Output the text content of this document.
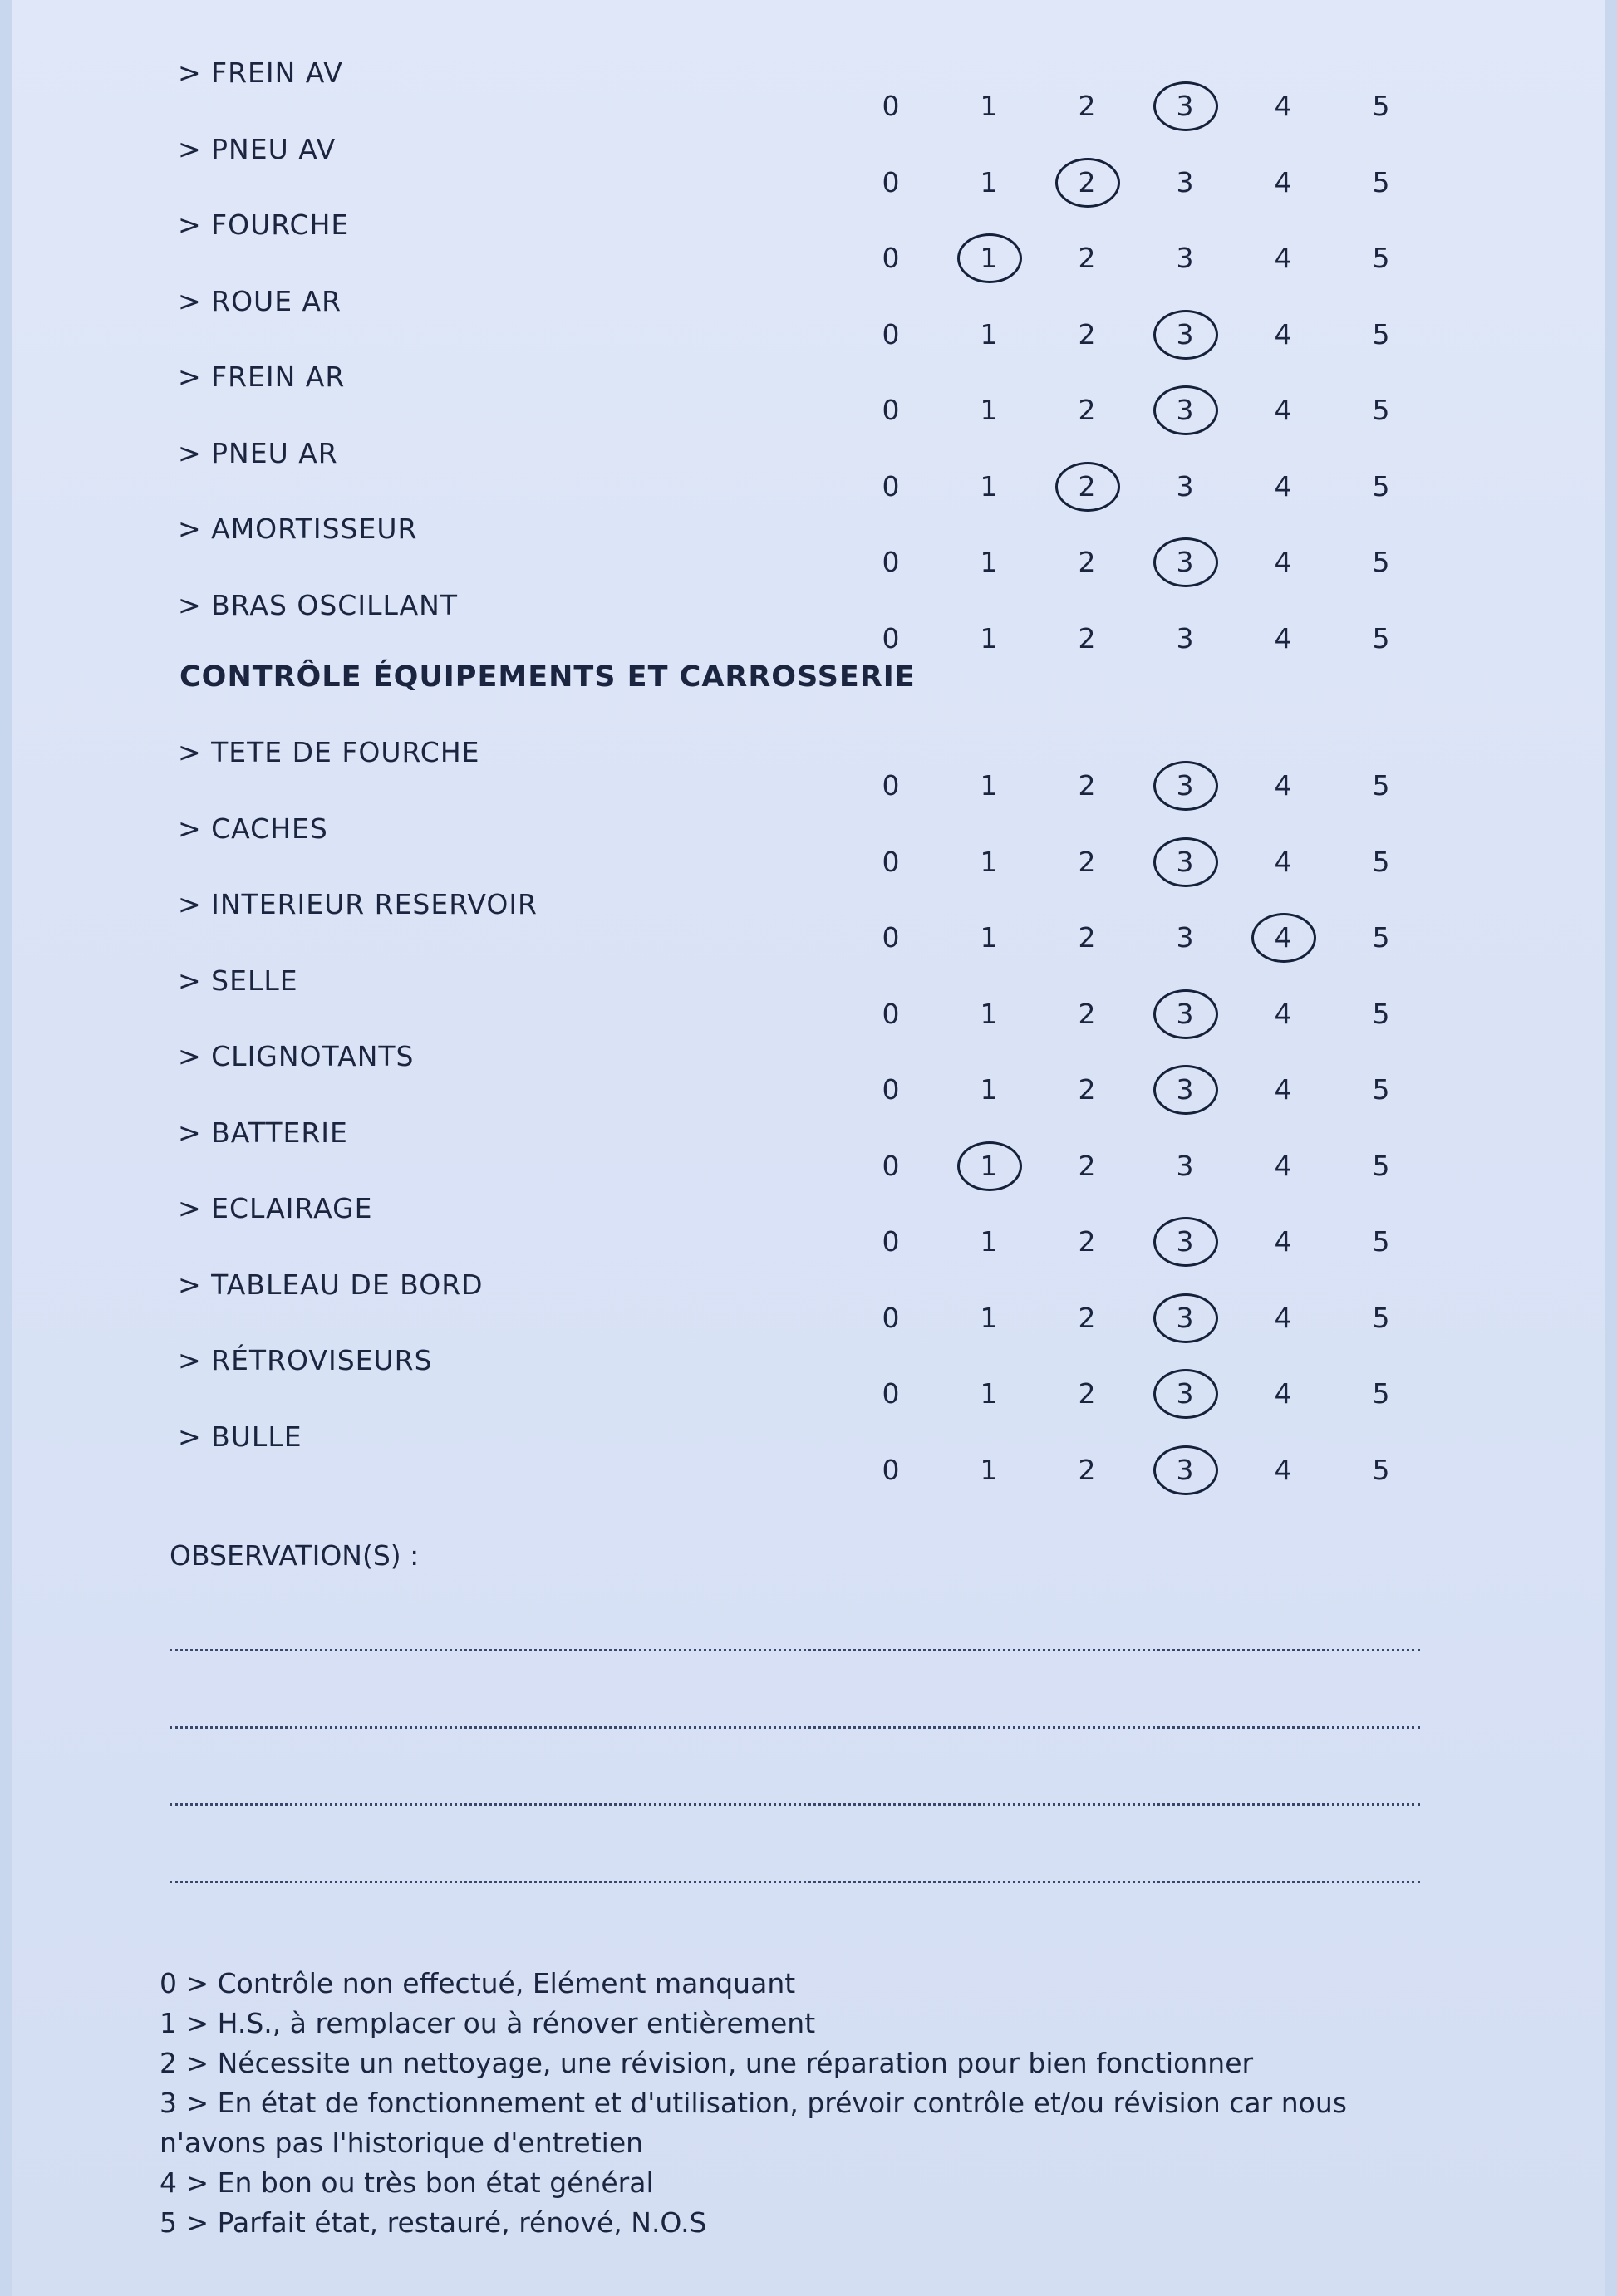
> FREIN AV
0	1	2	3	4	5
> PNEU AV
0	1	2	3	4	5
> FOURCHE
0	1	2	3	4	5
> ROUE AR
0	1	2	3	4	5
> FREIN AR
0	1	2	3	4	5
> PNEU AR
0	1	2	3	4	5
> AMORTISSEUR
0	1	2	3	4	5
> BRAS OSCILLANT
0	1	2	3	4	5
CONTRÔLE ÉQUIPEMENTS ET CARROSSERIE
> TETE DE FOURCHE
0	1	2	3	4	5
> CACHES
0	1	2	3	4	5
> INTERIEUR RESERVOIR
0	1	2	3	4	5
> SELLE
0	1	2	3	4	5
> CLIGNOTANTS
0	1	2	3	4	5
> BATTERIE
0	1	2	3	4	5
> ECLAIRAGE
0	1	2	3	4	5
> TABLEAU DE BORD
0	1	2	3	4	5
> RÉTROVISEURS
0	1	2	3	4	5
> BULLE
0	1	2	3	4	5
OBSERVATION(S) :
0 > Contrôle non effectué, Elément manquant
1 > H.S., à remplacer ou à rénover entièrement
2 > Nécessite un nettoyage, une révision, une réparation pour bien fonctionner
3 > En état de fonctionnement et d'utilisation, prévoir contrôle et/ou révision car nous
n'avons pas l'historique d'entretien
4 > En bon ou très bon état général
5 > Parfait état, restauré, rénové, N.O.S
